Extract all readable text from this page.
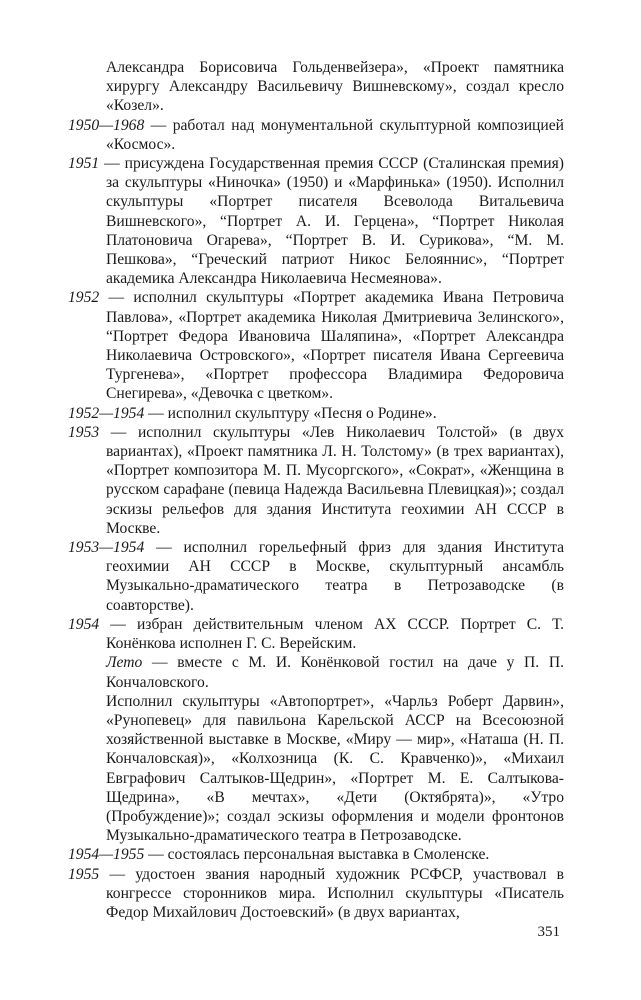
Александра Борисовича Гольденвейзера», «Проект памятника хирургу Александру Васильевичу Вишневскому», создал кресло «Козел».
1950—1968 — работал над монументальной скульптурной композицией «Космос».
1951 — присуждена Государственная премия СССР (Сталинская премия) за скульптуры «Ниночка» (1950) и «Марфинька» (1950). Исполнил скульптуры «Портрет писателя Всеволода Витальевича Вишневского», “Портрет А. И. Герцена», “Портрет Николая Платоновича Огарева», “Портрет В. И. Сурикова», “М. М. Пешкова», “Греческий патриот Никос Белояннис», “Портрет академика Александра Николаевича Несмеянова».
1952 — исполнил скульптуры «Портрет академика Ивана Петровича Павлова», «Портрет академика Николая Дмитриевича Зелинского», “Портрет Федора Ивановича Шаляпина», «Портрет Александра Николаевича Островского», «Портрет писателя Ивана Сергеевича Тургенева», «Портрет профессора Владимира Федоровича Снегирева», «Девочка с цветком».
1952—1954 — исполнил скульптуру «Песня о Родине».
1953 — исполнил скульптуры «Лев Николаевич Толстой» (в двух вариантах), «Проект памятника Л. Н. Толстому» (в трех вариантах), «Портрет композитора М. П. Мусоргского», «Сократ», «Женщина в русском сарафане (певица Надежда Васильевна Плевицкая)»; создал эскизы рельефов для здания Института геохимии АН СССР в Москве.
1953—1954 — исполнил горельефный фриз для здания Института геохимии АН СССР в Москве, скульптурный ансамбль Музыкально-драматического театра в Петрозаводске (в соавторстве).
1954 — избран действительным членом АХ СССР. Портрет С. Т. Конёнкова исполнен Г. С. Верейским.
Лето — вместе с М. И. Конёнковой гостил на даче у П. П. Кончаловского.
Исполнил скульптуры «Автопортрет», «Чарльз Роберт Дарвин», «Рунопевец» для павильона Карельской АССР на Всесоюзной хозяйственной выставке в Москве, «Миру — мир», «Наташа (Н. П. Кончаловская)», «Колхозница (К. С. Кравченко)», «Михаил Евграфович Салтыков-Щедрин», «Портрет М. Е. Салтыкова-Щедрина», «В мечтах», «Дети (Октябрята)», «Утро (Пробуждение)»; создал эскизы оформления и модели фронтонов Музыкально-драматического театра в Петрозаводске.
1954—1955 — состоялась персональная выставка в Смоленске.
1955 — удостоен звания народный художник РСФСР, участвовал в конгрессе сторонников мира. Исполнил скульптуры «Писатель Федор Михайлович Достоевский» (в двух вариантах,
351
